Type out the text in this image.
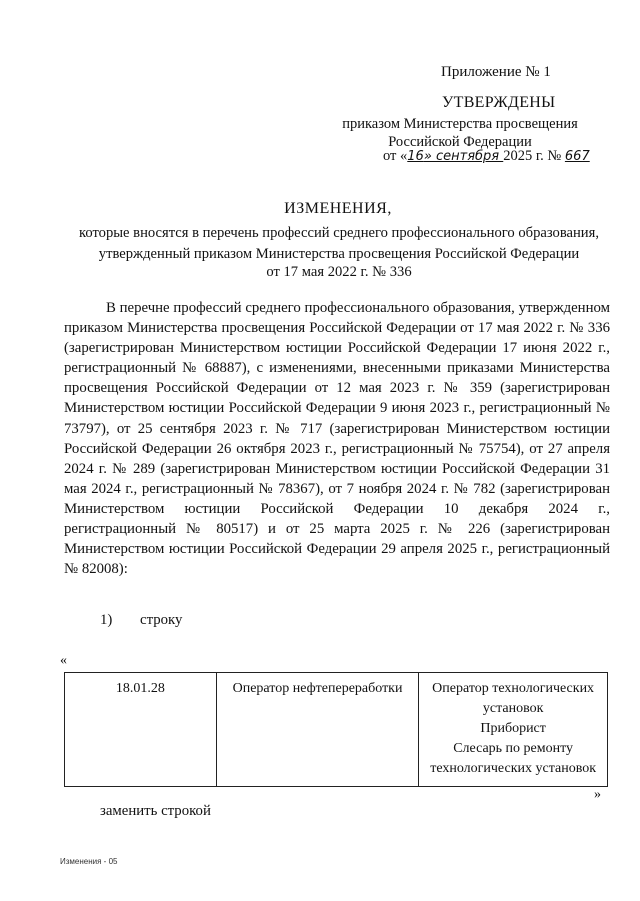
Приложение № 1
УТВЕРЖДЕНЫ
приказом Министерства просвещения
Российской Федерации
от «16» сентября 2025 г. № 667
ИЗМЕНЕНИЯ,
которые вносятся в перечень профессий среднего профессионального образования,
утвержденный приказом Министерства просвещения Российской Федерации
от 17 мая 2022 г. № 336
В перечне профессий среднего профессионального образования, утвержденном приказом Министерства просвещения Российской Федерации от 17 мая 2022 г. № 336 (зарегистрирован Министерством юстиции Российской Федерации 17 июня 2022 г., регистрационный № 68887), с изменениями, внесенными приказами Министерства просвещения Российской Федерации от 12 мая 2023 г. № 359 (зарегистрирован Министерством юстиции Российской Федерации 9 июня 2023 г., регистрационный № 73797), от 25 сентября 2023 г. № 717 (зарегистрирован Министерством юстиции Российской Федерации 26 октября 2023 г., регистрационный № 75754), от 27 апреля 2024 г. № 289 (зарегистрирован Министерством юстиции Российской Федерации 31 мая 2024 г., регистрационный № 78367), от 7 ноября 2024 г. № 782 (зарегистрирован Министерством юстиции Российской Федерации 10 декабря 2024 г., регистрационный № 80517) и от 25 марта 2025 г. № 226 (зарегистрирован Министерством юстиции Российской Федерации 29 апреля 2025 г., регистрационный № 82008):
1) строку
«
18.01.28	Оператор нефтепереработки	Оператор технологических
установок
Приборист
Слесарь по ремонту
технологических установок
»
заменить строкой
Изменения - 05
